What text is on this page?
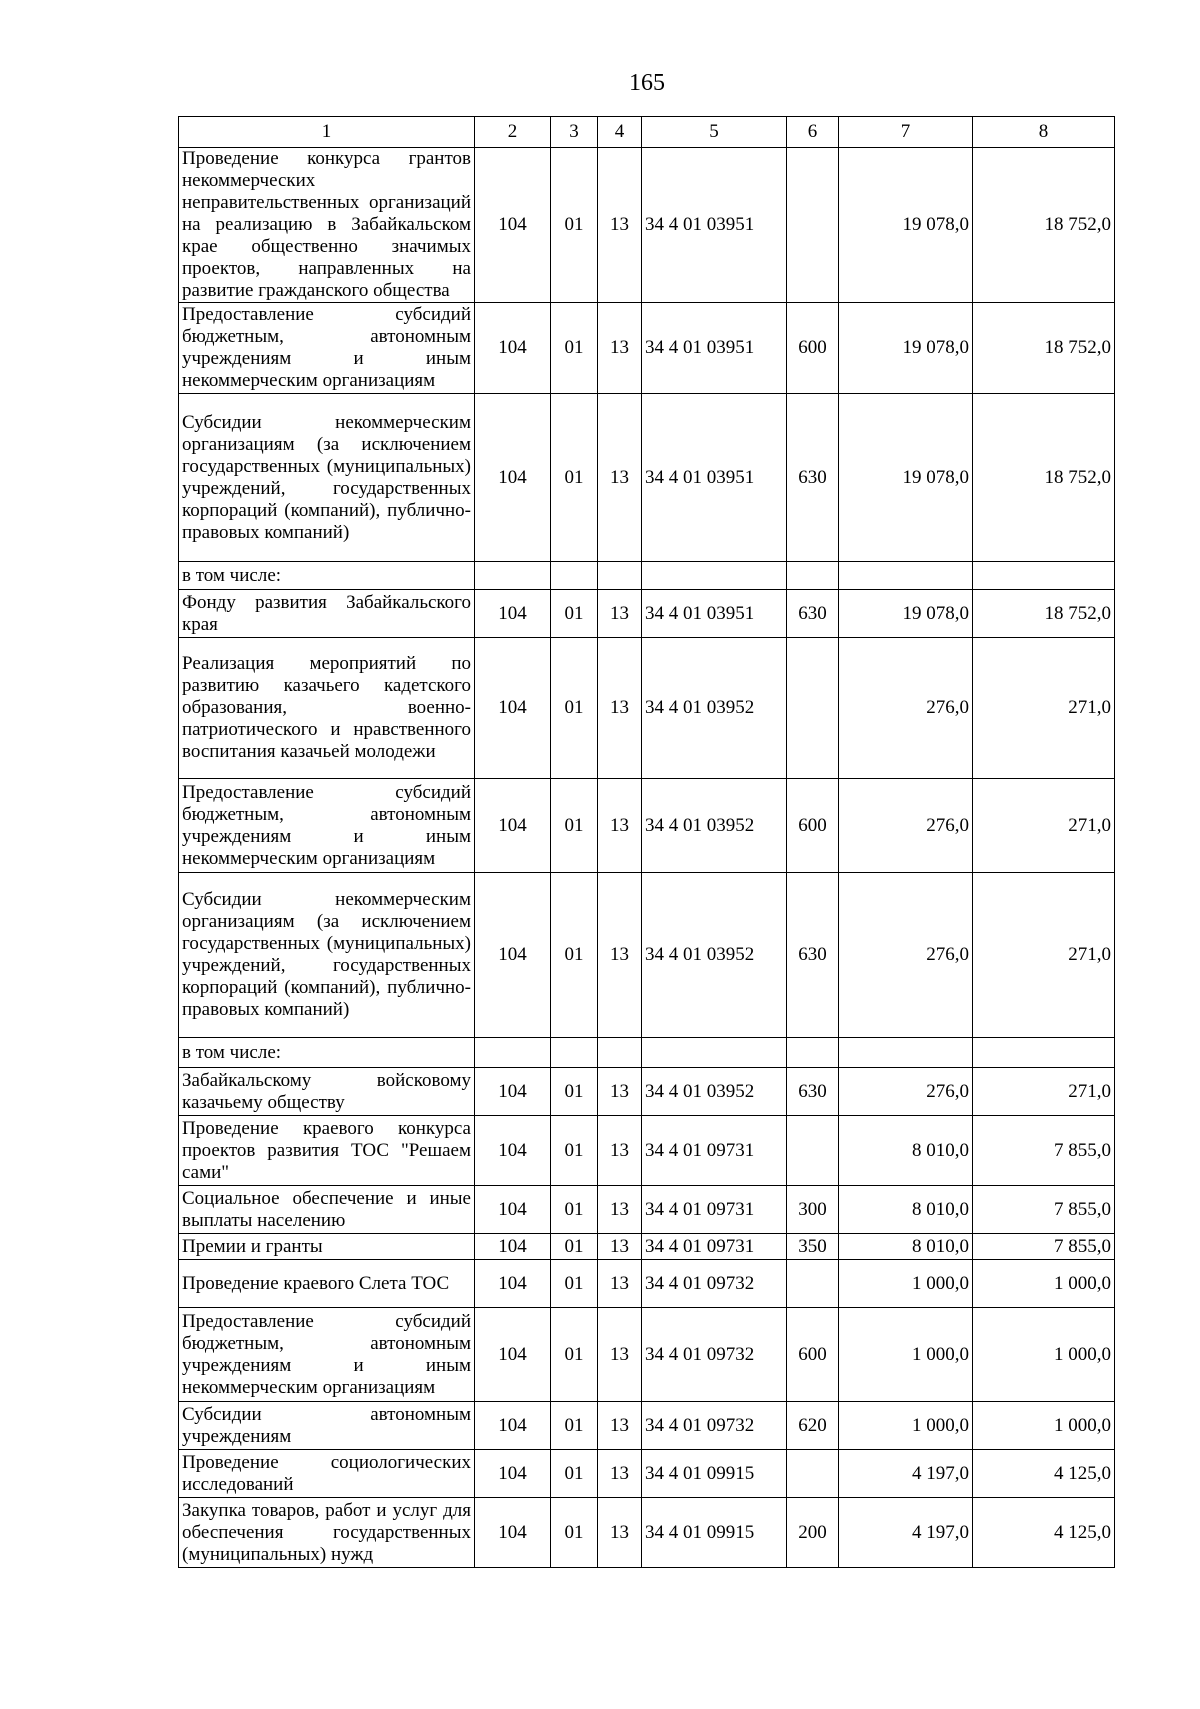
165
1	2	3	4	5	6	7	8
Проведение конкурса грантов некоммерческих неправительственных организаций на реализацию в Забайкальском крае общественно значимых проектов, направленных на развитие гражданского общества	104	01	13	34 4 01 03951		19 078,0	18 752,0
Предоставление субсидий бюджетным, автономным учреждениям и иным некоммерческим организациям	104	01	13	34 4 01 03951	600	19 078,0	18 752,0
Субсидии некоммерческим организациям (за исключением государственных (муниципальных) учреждений, государственных корпораций (компаний), публично-правовых компаний)	104	01	13	34 4 01 03951	630	19 078,0	18 752,0
в том числе:							
Фонду развития Забайкальского края	104	01	13	34 4 01 03951	630	19 078,0	18 752,0
Реализация мероприятий по развитию казачьего кадетского образования, военно-патриотического и нравственного воспитания казачьей молодежи	104	01	13	34 4 01 03952		276,0	271,0
Предоставление субсидий бюджетным, автономным учреждениям и иным некоммерческим организациям	104	01	13	34 4 01 03952	600	276,0	271,0
Субсидии некоммерческим организациям (за исключением государственных (муниципальных) учреждений, государственных корпораций (компаний), публично-правовых компаний)	104	01	13	34 4 01 03952	630	276,0	271,0
в том числе:							
Забайкальскому войсковому казачьему обществу	104	01	13	34 4 01 03952	630	276,0	271,0
Проведение краевого конкурса проектов развития ТОС "Решаем сами"	104	01	13	34 4 01 09731		8 010,0	7 855,0
Социальное обеспечение и иные выплаты населению	104	01	13	34 4 01 09731	300	8 010,0	7 855,0
Премии и гранты	104	01	13	34 4 01 09731	350	8 010,0	7 855,0
Проведение краевого Слета ТОС	104	01	13	34 4 01 09732		1 000,0	1 000,0
Предоставление субсидий бюджетным, автономным учреждениям и иным некоммерческим организациям	104	01	13	34 4 01 09732	600	1 000,0	1 000,0
Субсидии автономным учреждениям	104	01	13	34 4 01 09732	620	1 000,0	1 000,0
Проведение социологических исследований	104	01	13	34 4 01 09915		4 197,0	4 125,0
Закупка товаров, работ и услуг для обеспечения государственных (муниципальных) нужд	104	01	13	34 4 01 09915	200	4 197,0	4 125,0
